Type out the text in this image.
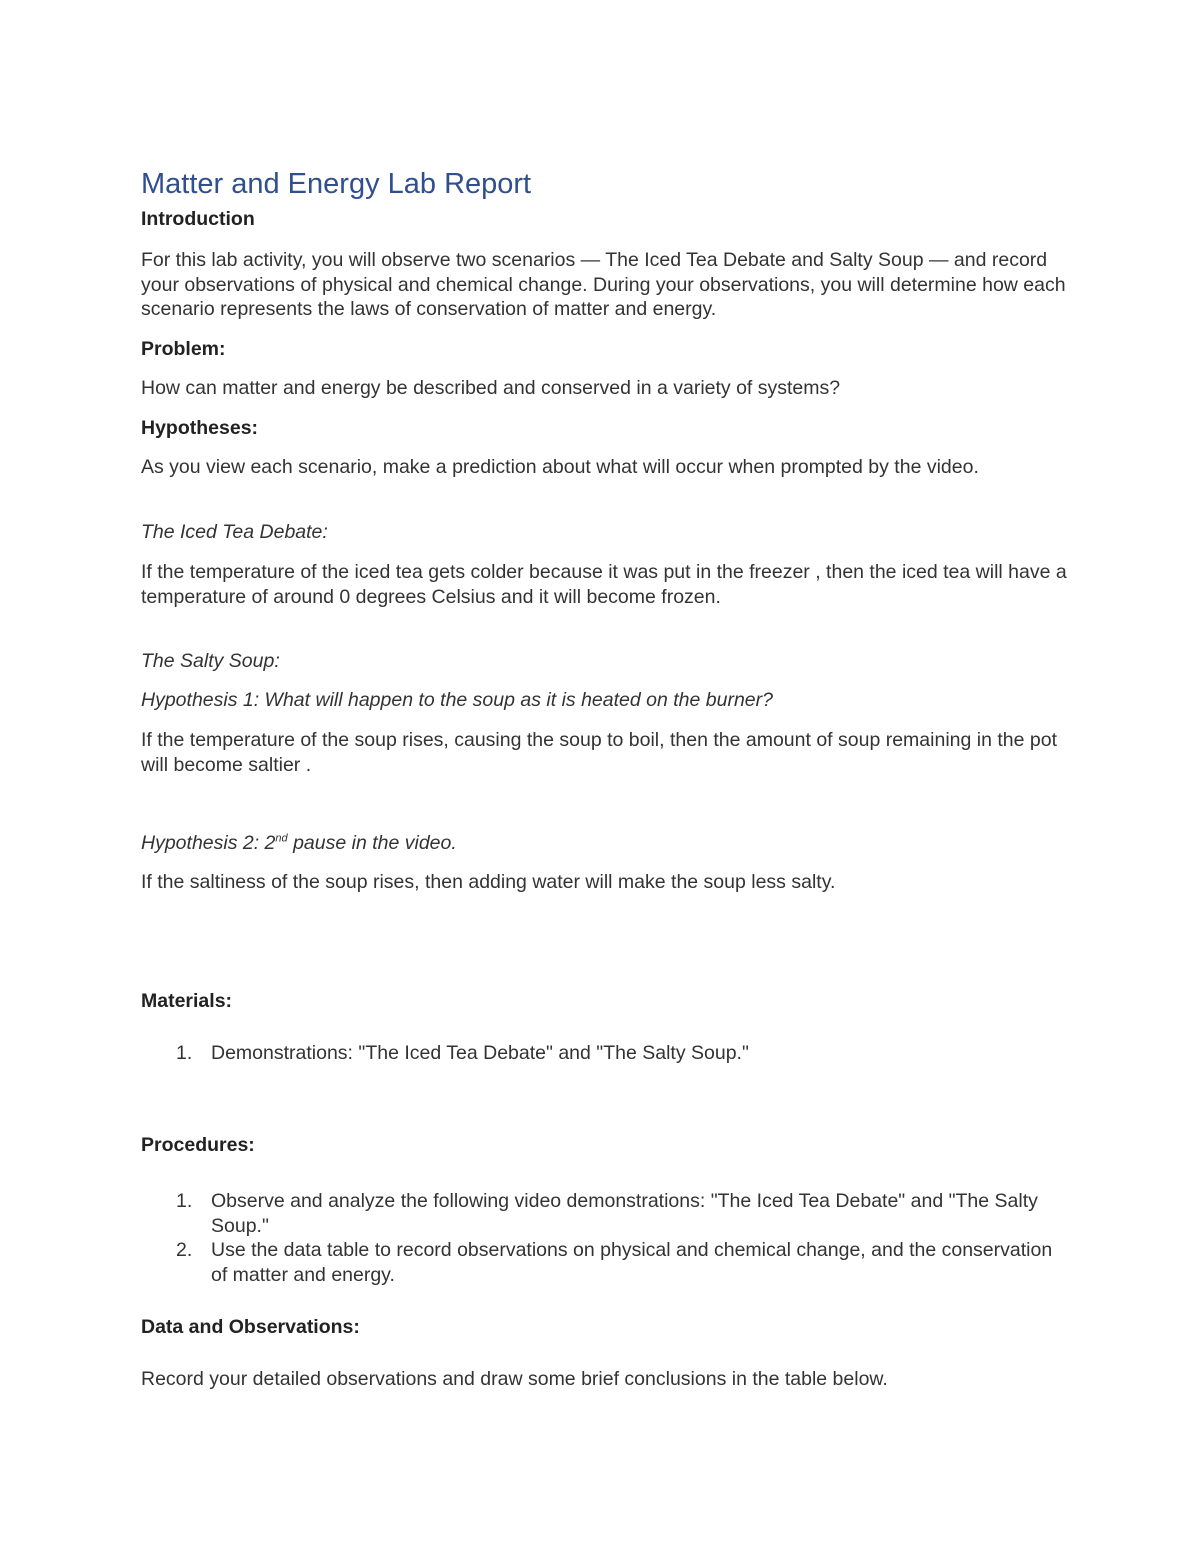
Matter and Energy Lab Report
Introduction

For this lab activity, you will observe two scenarios — The Iced Tea Debate and Salty Soup — and record your observations of physical and chemical change. During your observations, you will determine how each scenario represents the laws of conservation of matter and energy.

Problem:

How can matter and energy be described and conserved in a variety of systems?

Hypotheses:

As you view each scenario, make a prediction about what will occur when prompted by the video.

The Iced Tea Debate:

If the temperature of the iced tea gets colder because it was put in the freezer , then the iced tea will have a temperature of around 0 degrees Celsius and it will become frozen.

The Salty Soup:

Hypothesis 1: What will happen to the soup as it is heated on the burner?

If the temperature of the soup rises, causing the soup to boil, then the amount of soup remaining in the pot will become saltier .

Hypothesis 2: 2nd pause in the video.

If the saltiness of the soup rises, then adding water will make the soup less salty.

Materials:
1. Demonstrations: "The Iced Tea Debate" and "The Salty Soup."
Procedures:
1. Observe and analyze the following video demonstrations: "The Iced Tea Debate" and "The Salty Soup."
2. Use the data table to record observations on physical and chemical change, and the conservation of matter and energy.
Data and Observations:

Record your detailed observations and draw some brief conclusions in the table below.
